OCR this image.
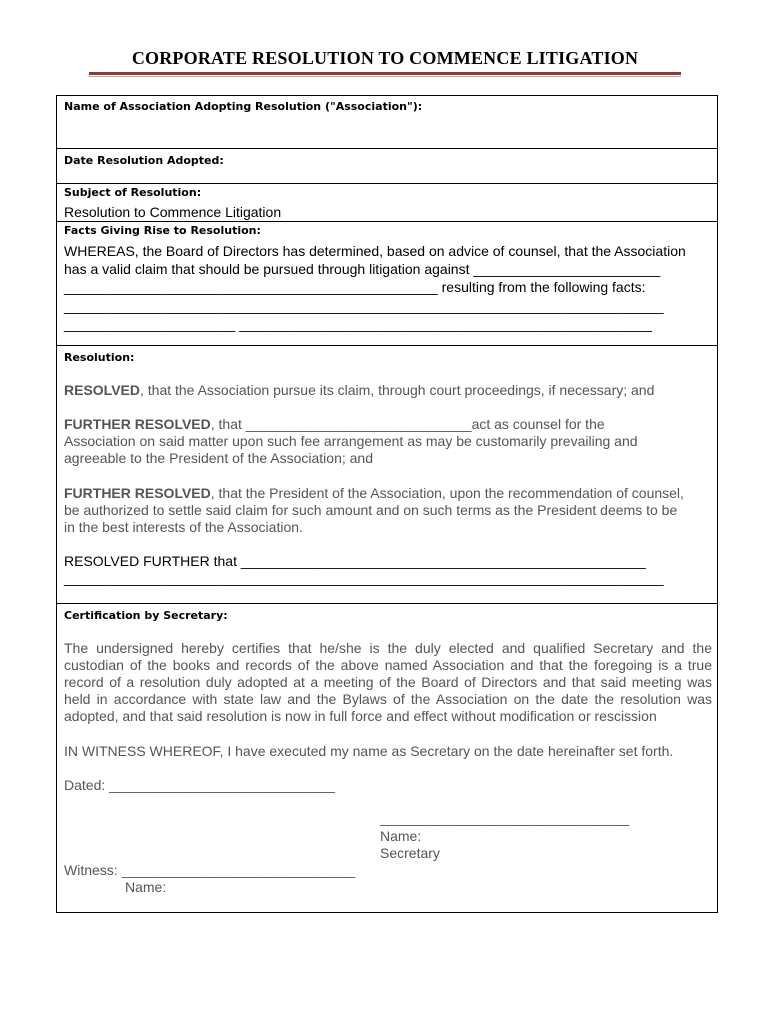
CORPORATE RESOLUTION TO COMMENCE LITIGATION
Name of Association Adopting Resolution ("Association"):
Date Resolution Adopted:
Subject of Resolution:
Resolution to Commence Litigation
Facts Giving Rise to Resolution:
WHEREAS, the Board of Directors has determined, based on advice of counsel, that the Association
has a valid claim that should be pursued through litigation against ________________________
________________________________________________ resulting from the following facts:
_____________________________________________________________________________
______________________ _____________________________________________________
Resolution:
RESOLVED, that the Association pursue its claim, through court proceedings, if necessary; and
FURTHER RESOLVED, that _____________________________act as counsel for the
Association on said matter upon such fee arrangement as may be customarily prevailing and
agreeable to the President of the Association; and
FURTHER RESOLVED, that the President of the Association, upon the recommendation of counsel,
be authorized to settle said claim for such amount and on such terms as the President deems to be
in the best interests of the Association.
RESOLVED FURTHER that ____________________________________________________
_____________________________________________________________________________
Certification by Secretary:
The undersigned hereby certifies that he/she is the duly elected and qualified Secretary and the custodian of the books and records of the above named Association and that the foregoing is a true record of a resolution duly adopted at a meeting of the Board of Directors and that said meeting was held in accordance with state law and the Bylaws of the Association on the date the resolution was adopted, and that said resolution is now in full force and effect without modification or rescission
IN WITNESS WHEREOF, I have executed my name as Secretary on the date hereinafter set forth.
Dated: _____________________________
________________________________
Name:
Secretary
Witness: ______________________________
Name:
